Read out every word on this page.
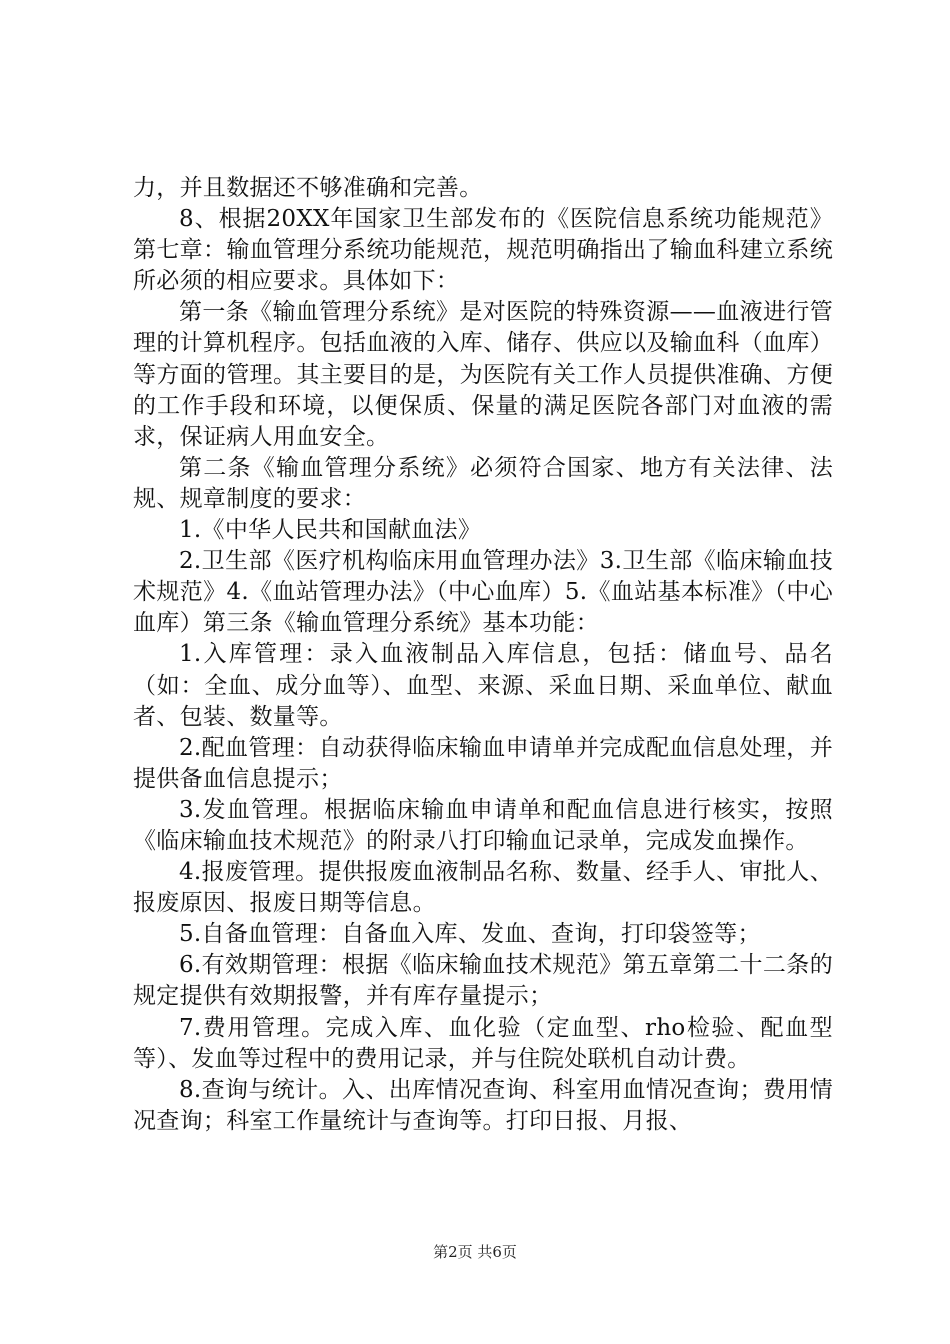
力，并且数据还不够准确和完善。

8、根据20XX年国家卫生部发布的《医院信息系统功能规范》第七章：输血管理分系统功能规范，规范明确指出了输血科建立系统所必须的相应要求。具体如下：

第一条《输血管理分系统》是对医院的特殊资源——血液进行管理的计算机程序。包括血液的入库、储存、供应以及输血科（血库）等方面的管理。其主要目的是，为医院有关工作人员提供准确、方便的工作手段和环境，以便保质、保量的满足医院各部门对血液的需求，保证病人用血安全。

第二条《输血管理分系统》必须符合国家、地方有关法律、法规、规章制度的要求：

1.《中华人民共和国献血法》

2.卫生部《医疗机构临床用血管理办法》3.卫生部《临床输血技术规范》4.《血站管理办法》（中心血库）5.《血站基本标准》（中心血库）第三条《输血管理分系统》基本功能：

1.入库管理：录入血液制品入库信息，包括：储血号、品名（如：全血、成分血等）、血型、来源、采血日期、采血单位、献血者、包装、数量等。

2.配血管理：自动获得临床输血申请单并完成配血信息处理，并提供备血信息提示；

3.发血管理。根据临床输血申请单和配血信息进行核实，按照《临床输血技术规范》的附录八打印输血记录单，完成发血操作。

4.报废管理。提供报废血液制品名称、数量、经手人、审批人、报废原因、报废日期等信息。

5.自备血管理：自备血入库、发血、查询，打印袋签等；

6.有效期管理：根据《临床输血技术规范》第五章第二十二条的规定提供有效期报警，并有库存量提示；

7.费用管理。完成入库、血化验（定血型、rho检验、配血型等）、发血等过程中的费用记录，并与住院处联机自动计费。

8.查询与统计。入、出库情况查询、科室用血情况查询；费用情况查询；科室工作量统计与查询等。打印日报、月报、

第2页 共6页
